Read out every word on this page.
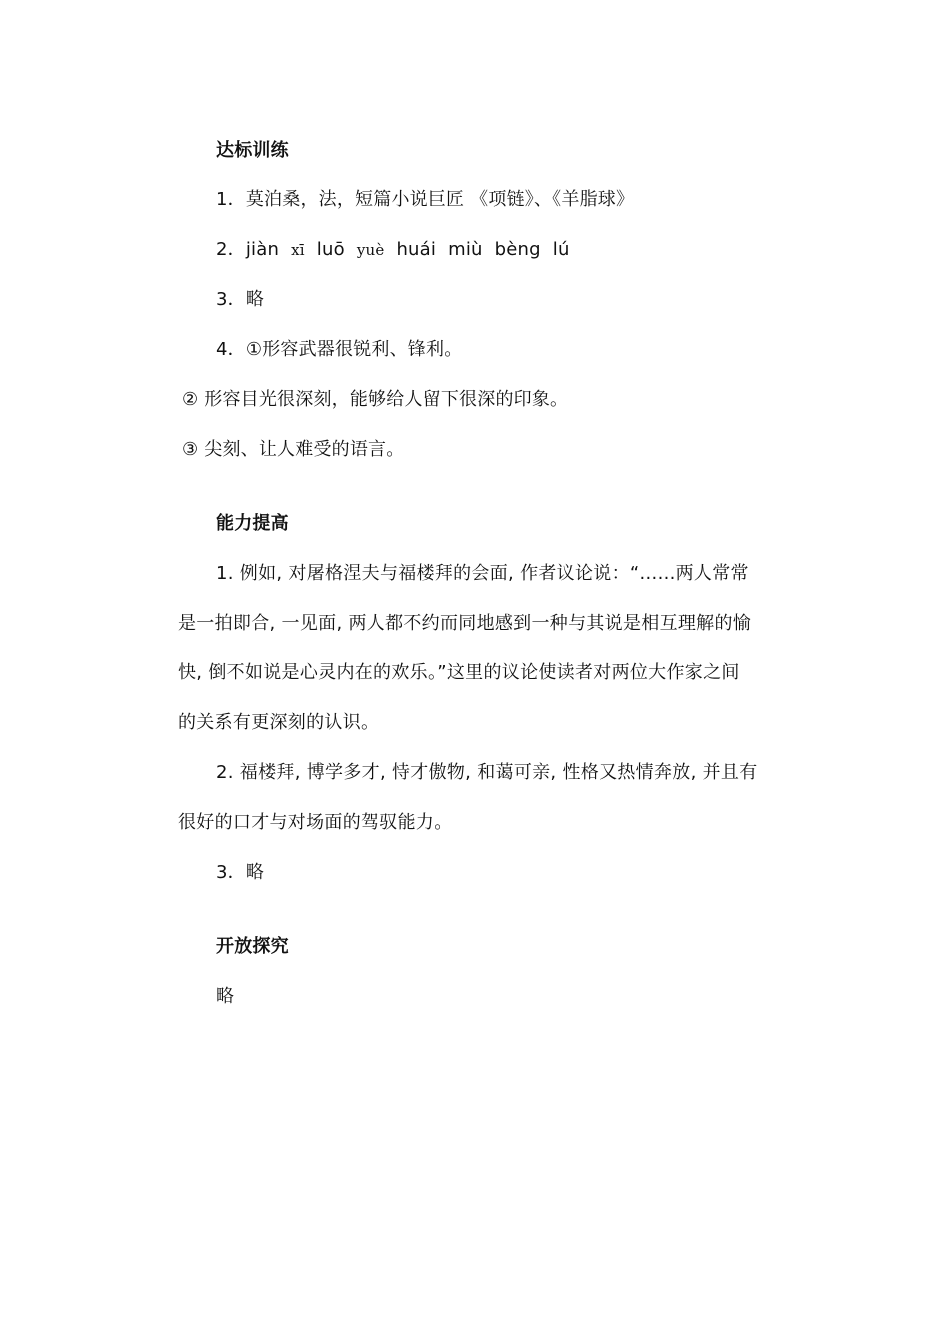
达标训练
1．莫泊桑，法，短篇小说巨匠 《项链》、《羊脂球》
2．jiàn xī luō yuè huái miù bèng lú
3．略
4．①形容武器很锐利、锋利。
② 形容目光很深刻，能够给人留下很深的印象。
③ 尖刻、让人难受的语言。
能力提高
1. 例如, 对屠格涅夫与福楼拜的会面, 作者议论说：“......两人常常
是一拍即合, 一见面, 两人都不约而同地感到一种与其说是相互理解的愉
快, 倒不如说是心灵内在的欢乐。”这里的议论使读者对两位大作家之间
的关系有更深刻的认识。
2. 福楼拜, 博学多才, 恃才傲物, 和蔼可亲, 性格又热情奔放, 并且有
很好的口才与对场面的驾驭能力。
3．略
开放探究
略
